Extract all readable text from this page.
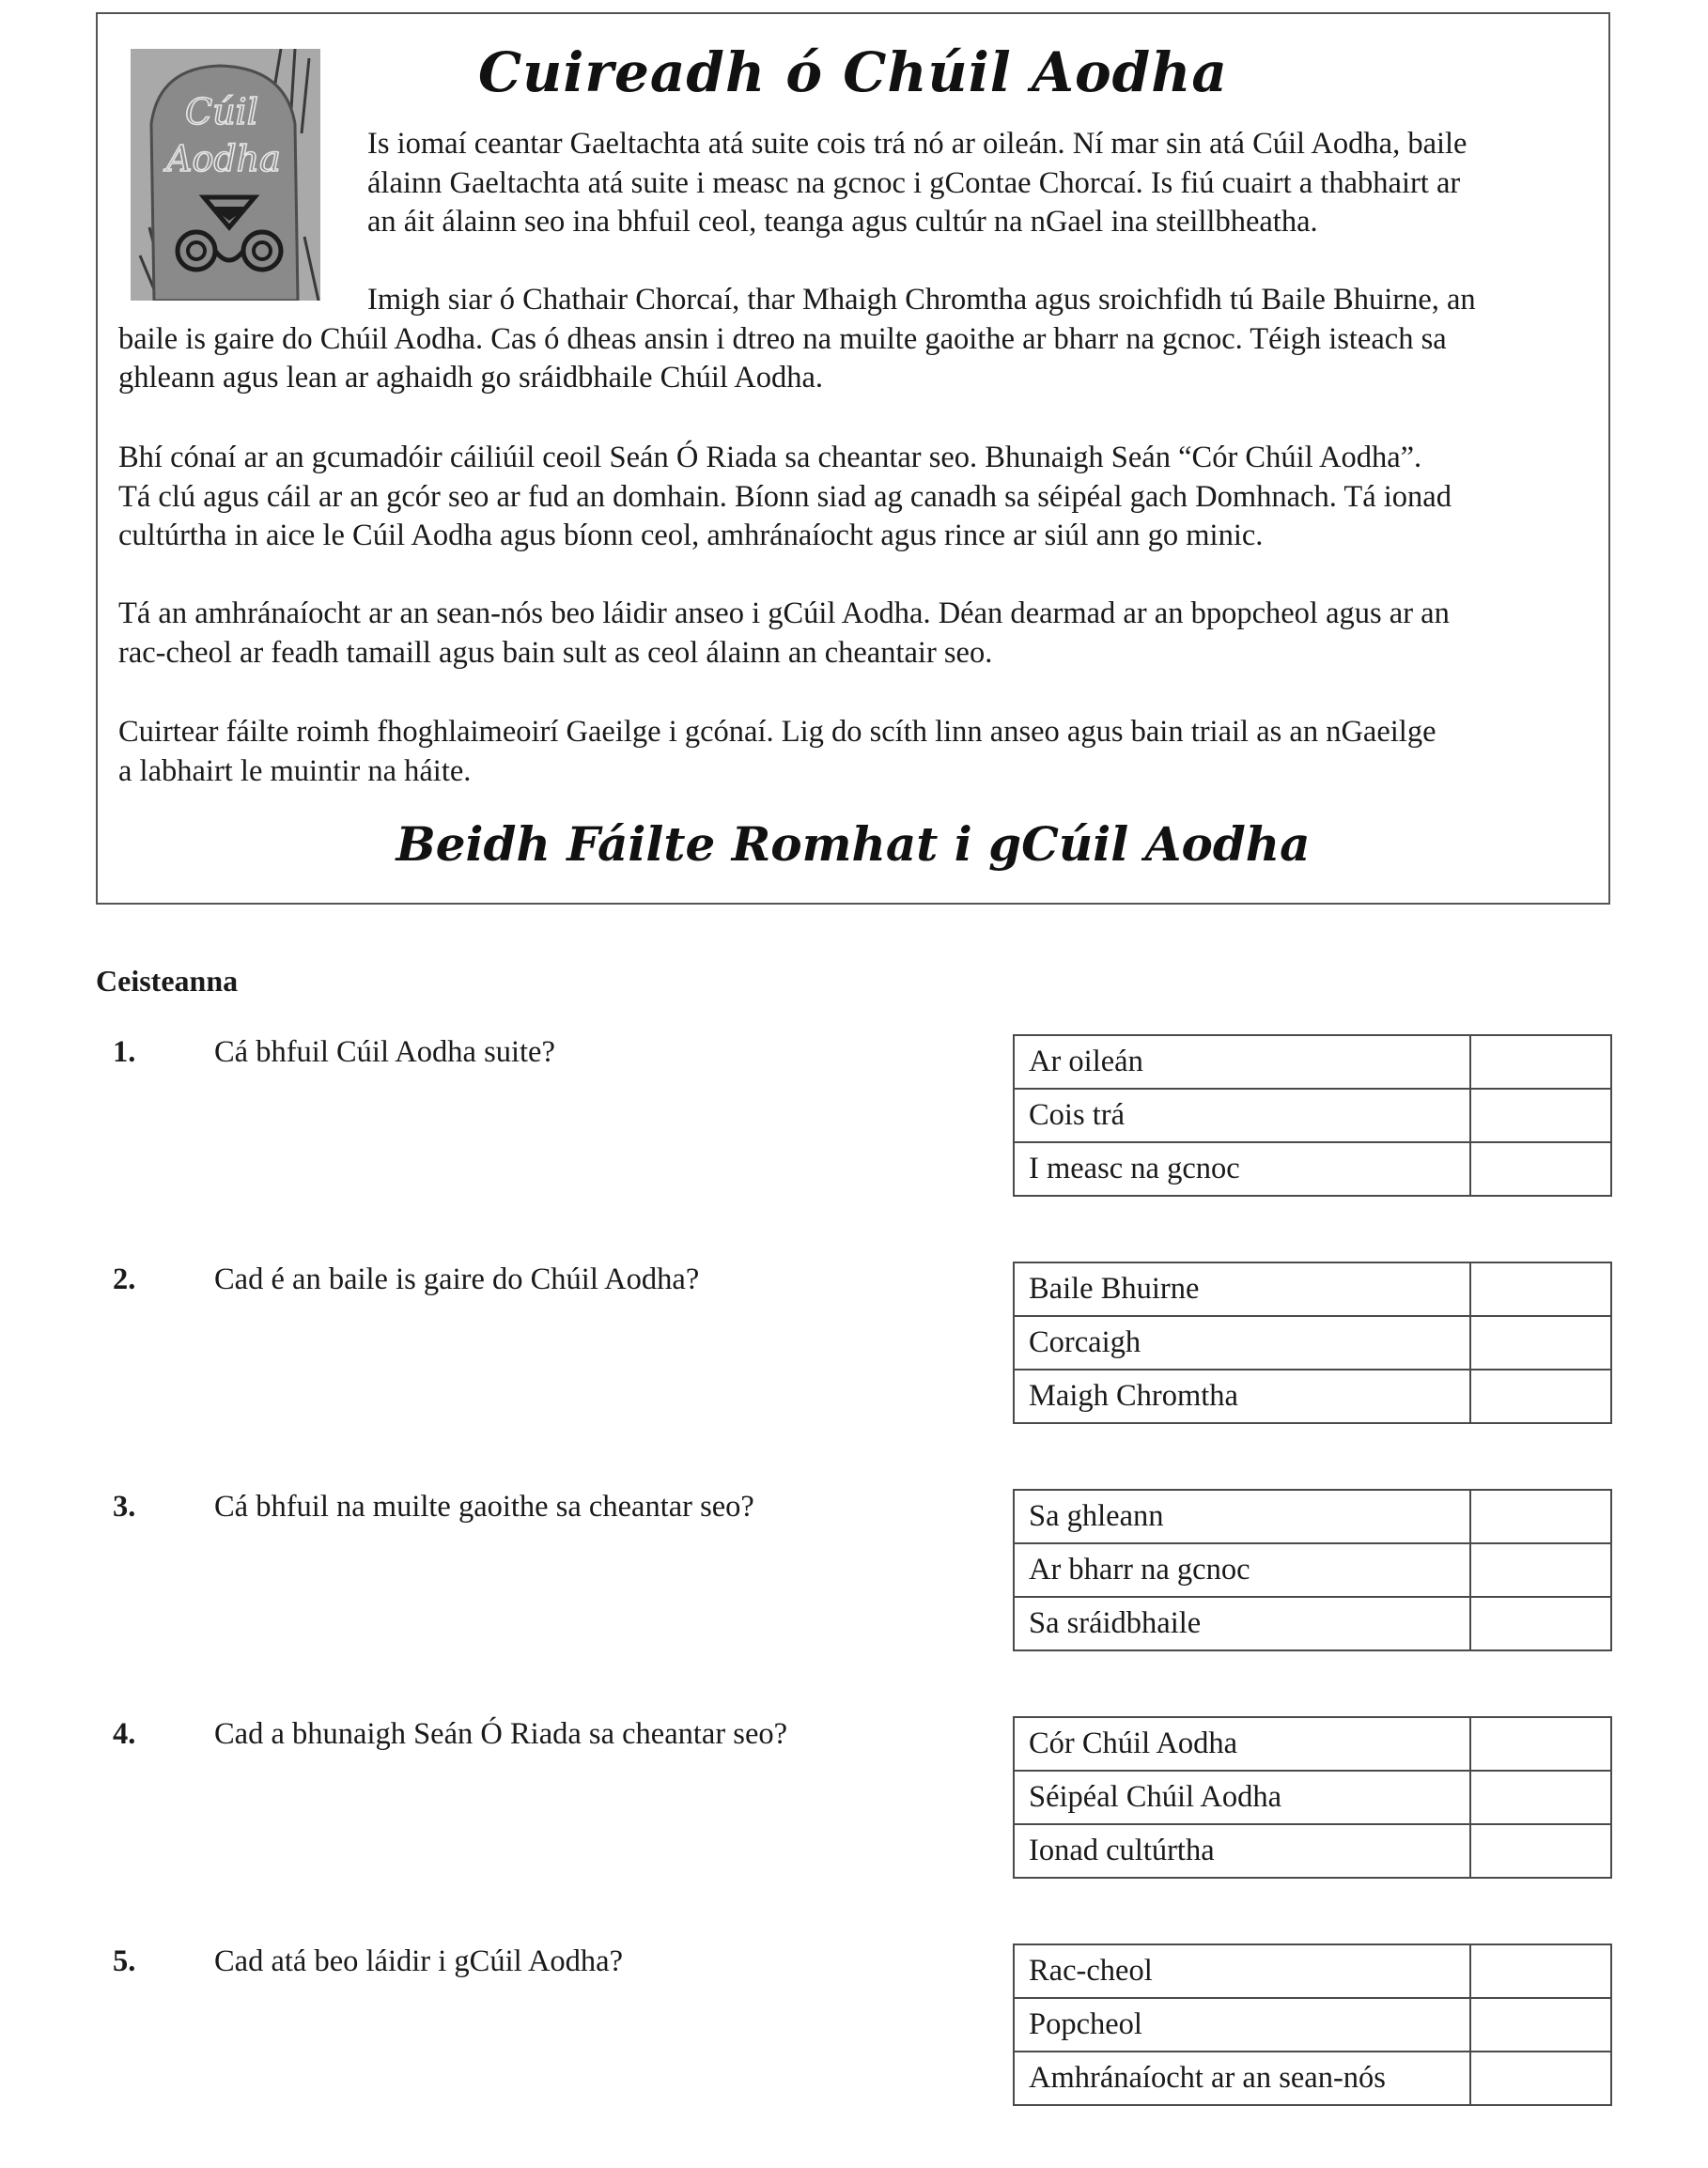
Cuireadh ó Chúil Aodha
Cúil
Aodha	Is iomaí ceantar Gaeltachta atá suite cois trá nó ar oileán. Ní mar sin atá Cúil Aodha, baile
álainn Gaeltachta atá suite i measc na gcnoc i gContae Chorcaí. Is fiú cuairt a thabhairt ar
an áit álainn seo ina bhfuil ceol, teanga agus cultúr na nGael ina steillbheatha.

Imigh siar ó Chathair Chorcaí, thar Mhaigh Chromtha agus sroichfidh tú Baile Bhuirne, an
baile is gaire do Chúil Aodha. Cas ó dheas ansin i dtreo na muilte gaoithe ar bharr na gcnoc. Téigh isteach sa
ghleann agus lean ar aghaidh go sráidbhaile Chúil Aodha.

Bhí cónaí ar an gcumadóir cáiliúil ceoil Seán Ó Riada sa cheantar seo. Bhunaigh Seán “Cór Chúil Aodha”.
Tá clú agus cáil ar an gcór seo ar fud an domhain. Bíonn siad ag canadh sa séipéal gach Domhnach. Tá ionad
cultúrtha in aice le Cúil Aodha agus bíonn ceol, amhránaíocht agus rince ar siúl ann go minic.

Tá an amhránaíocht ar an sean-nós beo láidir anseo i gCúil Aodha. Déan dearmad ar an bpopcheol agus ar an
rac-cheol ar feadh tamaill agus bain sult as ceol álainn an cheantair seo.

Cuirtear fáilte roimh fhoghlaimeoirí Gaeilge i gcónaí. Lig do scíth linn anseo agus bain triail as an nGaeilge
a labhairt le muintir na háite.

Beidh Fáilte Romhat i gCúil Aodha

Ceisteanna
1.	Cá bhfuil Cúil Aodha suite?	Ar oileán	
Cois trá	
I measc na gcnoc	
2.	Cad é an baile is gaire do Chúil Aodha?	Baile Bhuirne	
Corcaigh	
Maigh Chromtha	
3.	Cá bhfuil na muilte gaoithe sa cheantar seo?	Sa ghleann	
Ar bharr na gcnoc	
Sa sráidbhaile	
4.	Cad a bhunaigh Seán Ó Riada sa cheantar seo?	Cór Chúil Aodha	
Séipéal Chúil Aodha	
Ionad cultúrtha	
5.	Cad atá beo láidir i gCúil Aodha?	Rac-cheol	
Popcheol	
Amhránaíocht ar an sean-nós	
